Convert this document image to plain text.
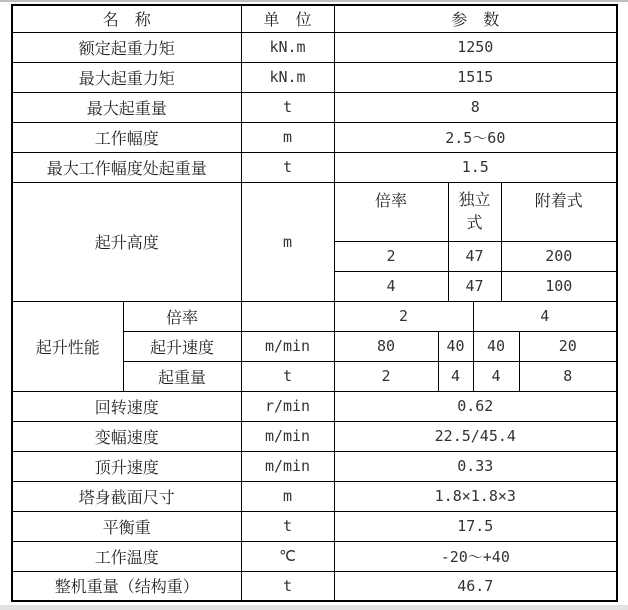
名　称		单　位	参　数					
额定起重力矩		kN.m	1250					
最大起重力矩		kN.m	1515					
最大起重量		t	8					
工作幅度		m	2.5～60					
最大工作幅度处起重量		t	1.5					
起升高度		m	倍率		独立式		附着式	
			2		47		200	
			4		47		100	
起升性能	倍率		2			4		
	起升速度	m/min	80	40		40		20
	起重量	t	2	4		4		8
回转速度		r/min	0.62					
变幅速度		m/min	22.5/45.4					
顶升速度		m/min	0.33					
塔身截面尺寸		m	1.8×1.8×3					
平衡重		t	17.5					
工作温度		℃	-20～+40					
整机重量（结构重）		t	46.7					
